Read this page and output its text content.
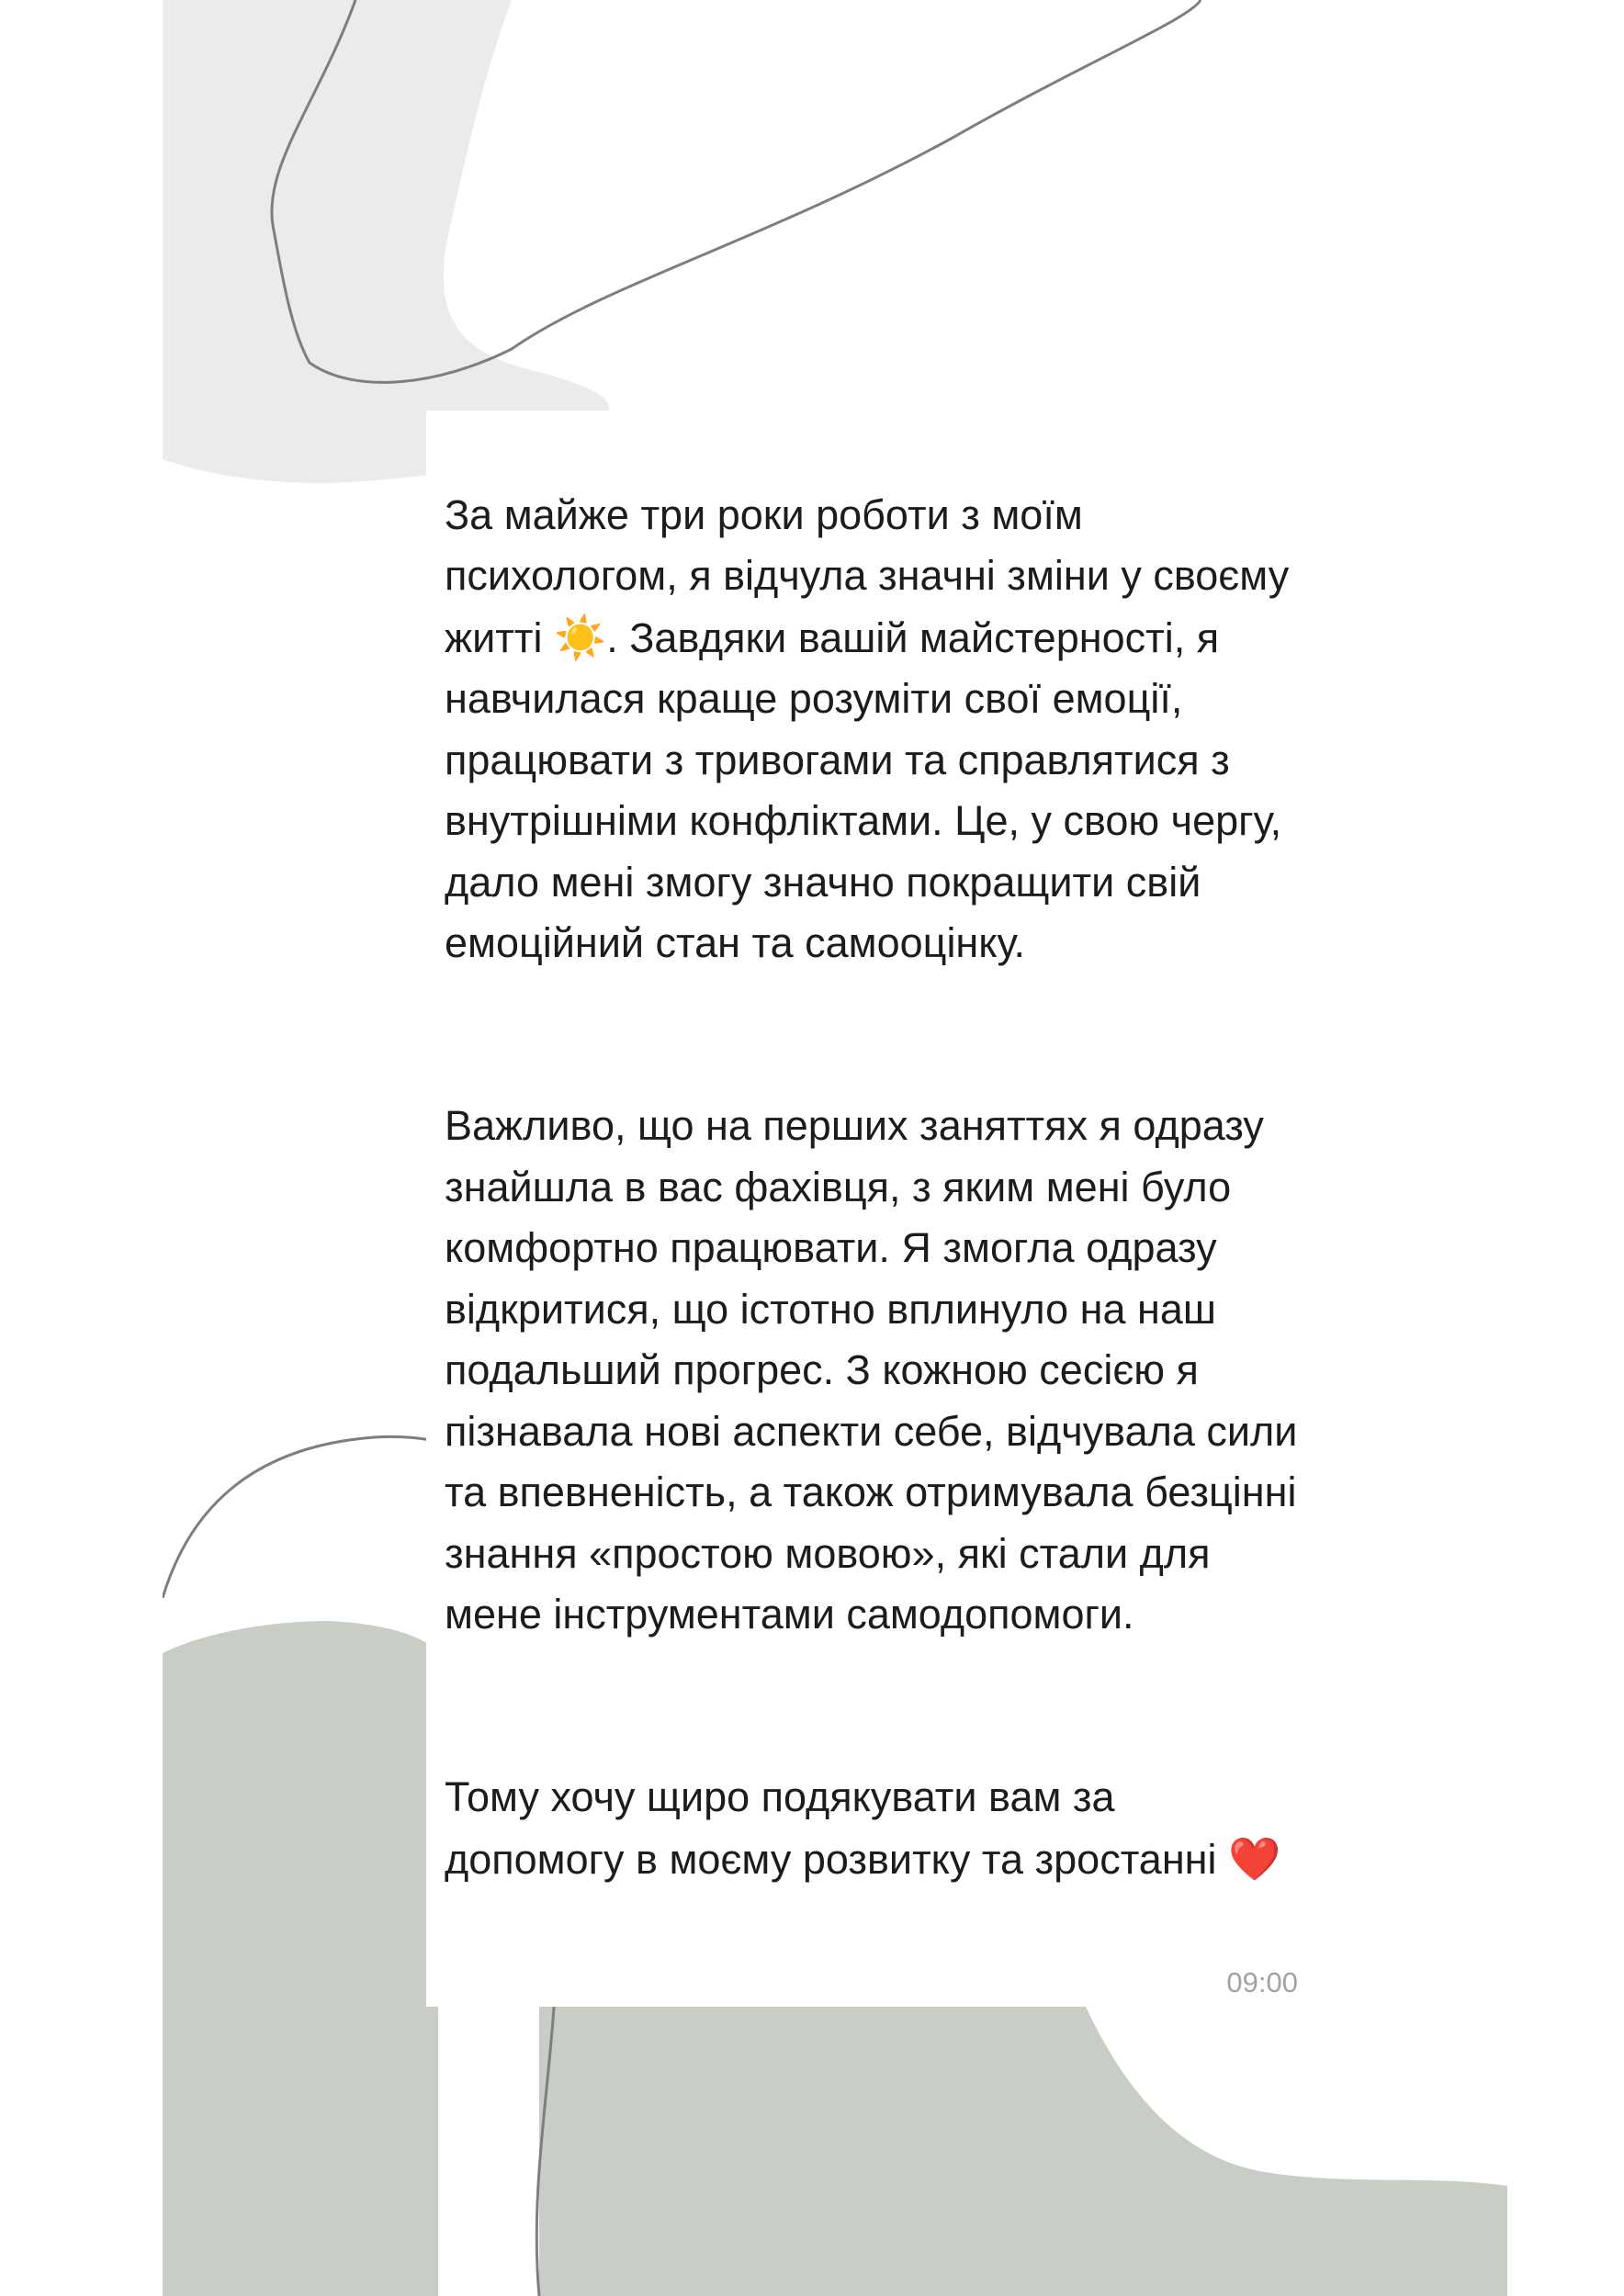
За майже три роки роботи з моїм психологом, я відчула значні зміни у своєму житті ☀️. Завдяки вашій майстерності, я навчилася краще розуміти свої емоції, працювати з тривогами та справлятися з внутрішніми конфліктами. Це, у свою чергу, дало мені змогу значно покращити свій емоційний стан та самооцінку.

Важливо, що на перших заняттях я одразу знайшла в вас фахівця, з яким мені було комфортно працювати. Я змогла одразу відкритися, що істотно вплинуло на наш подальший прогрес. З кожною сесією я пізнавала нові аспекти себе, відчувала сили та впевненість, а також отримувала безцінні знання «простою мовою», які стали для мене інструментами самодопомоги.

Тому хочу щиро подякувати вам за допомогу в моєму розвитку та зростанні ❤️

09:00
